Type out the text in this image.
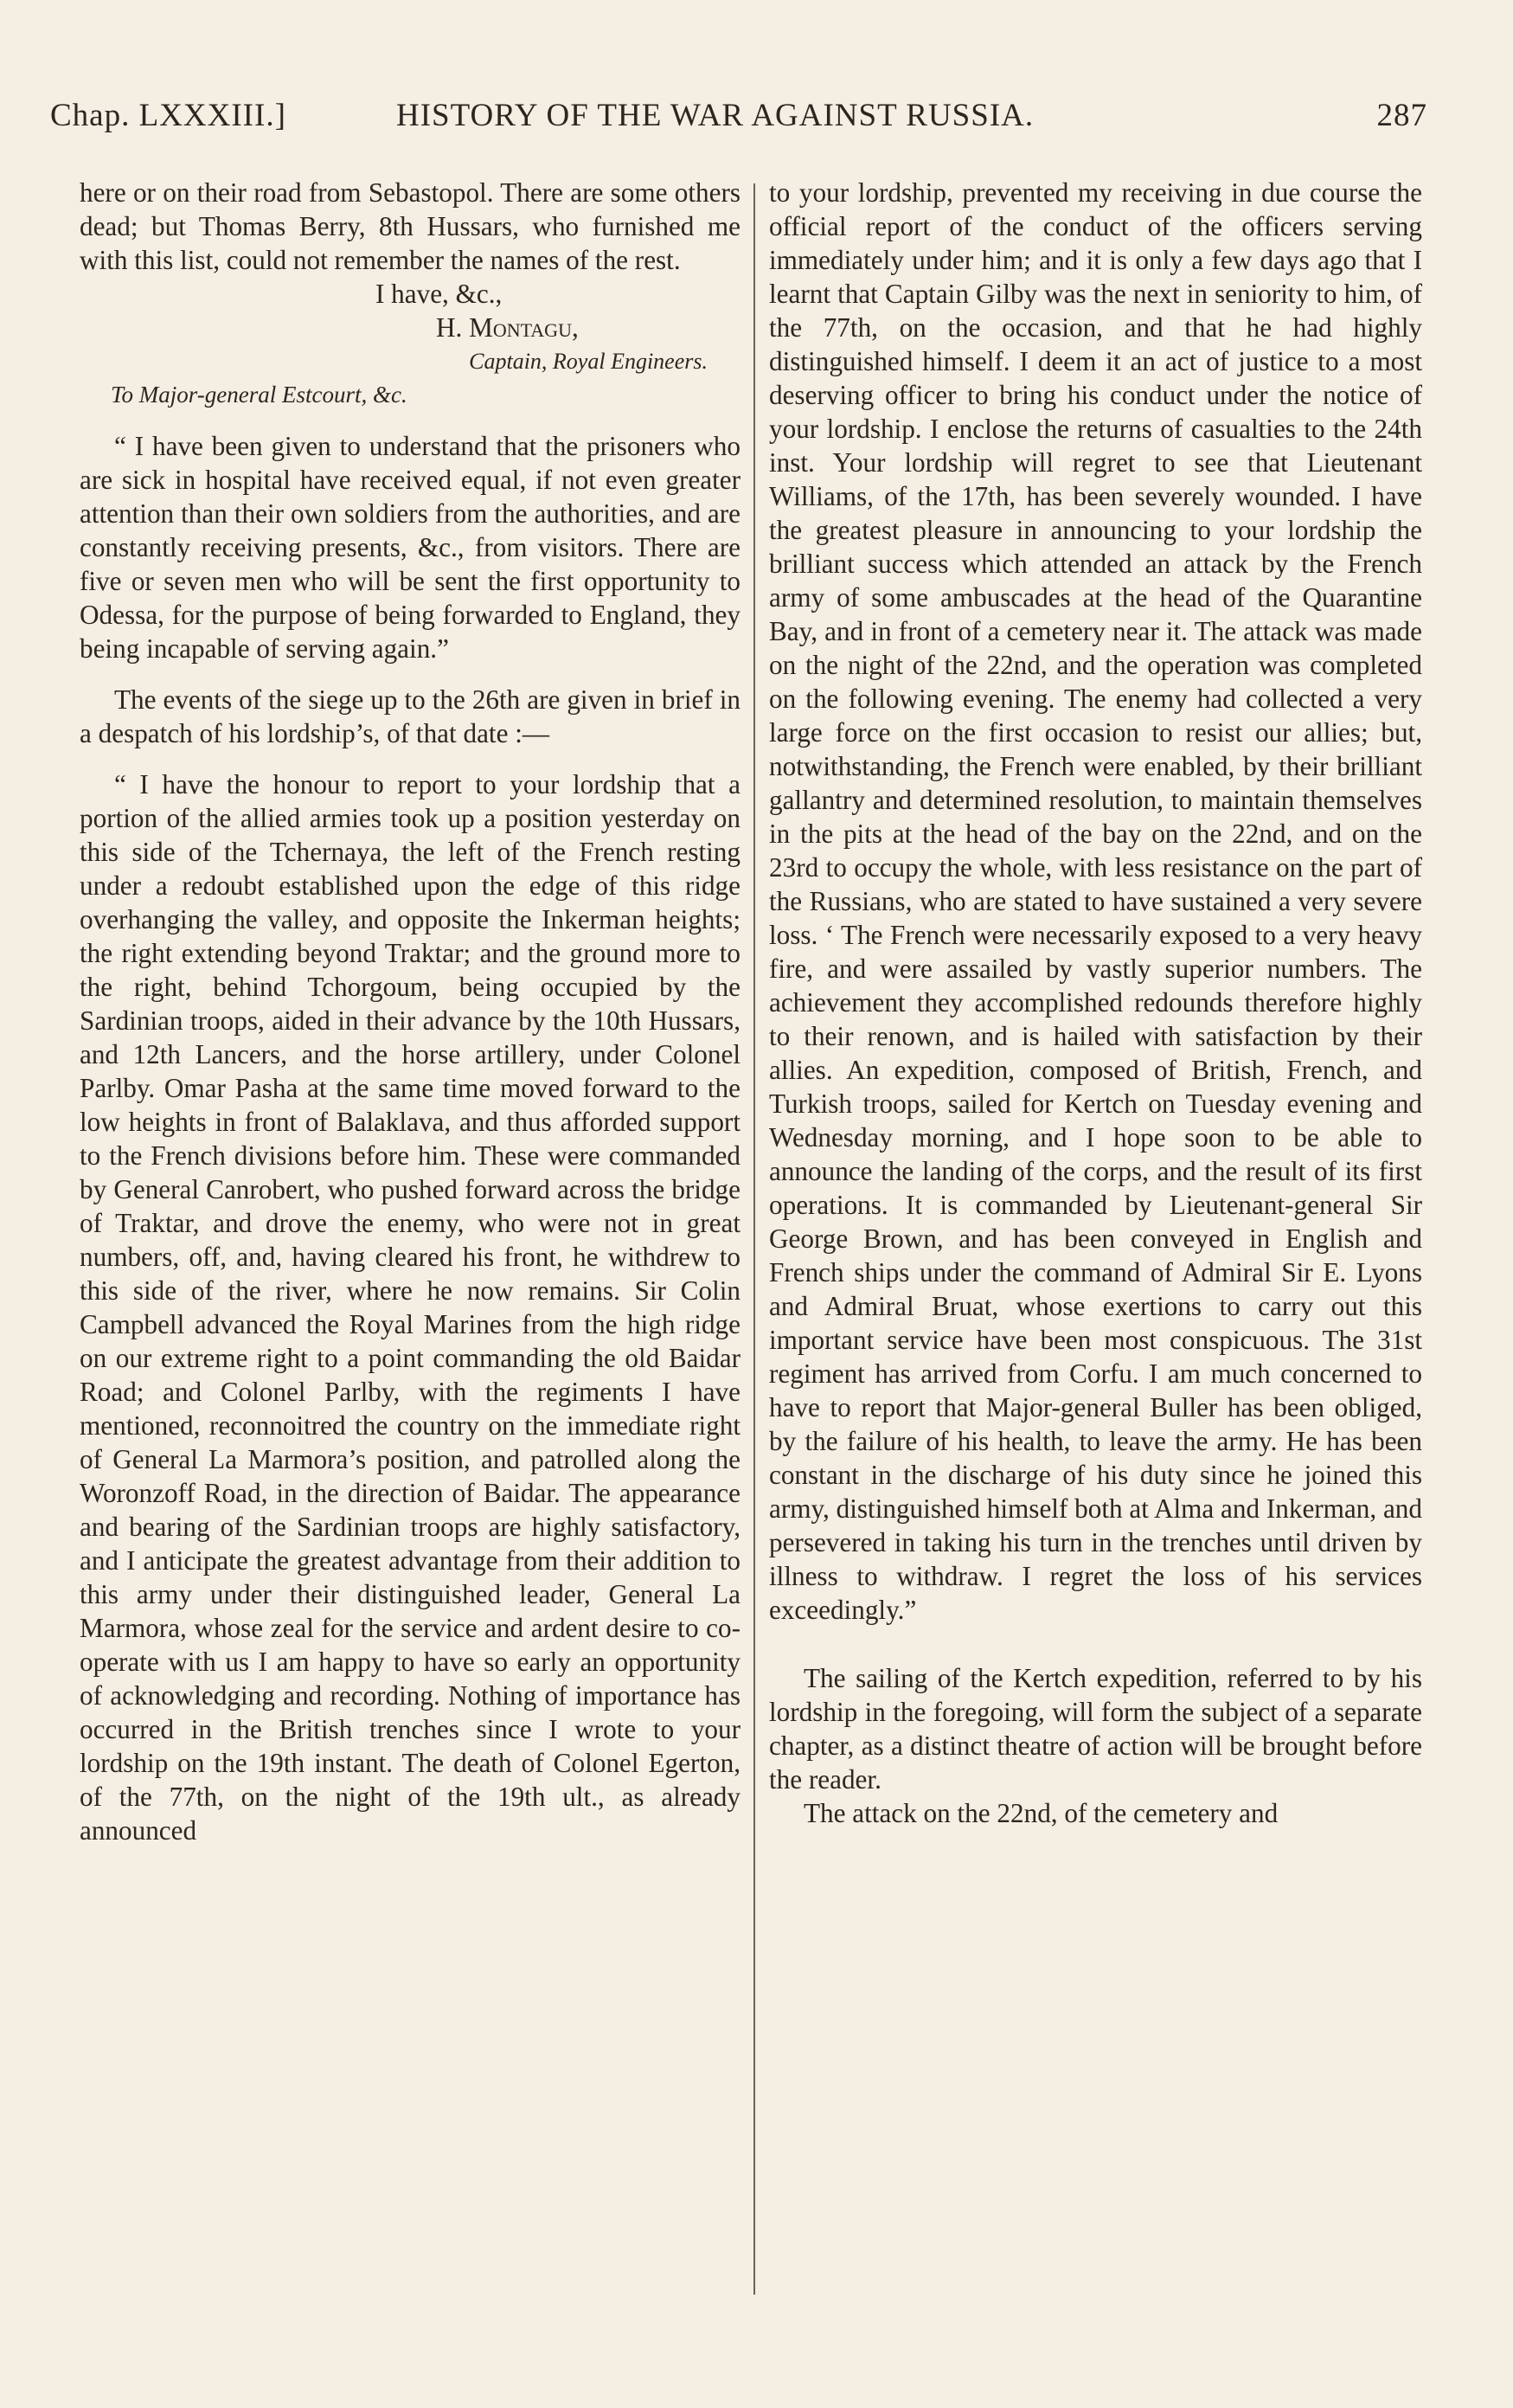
Chap. LXXXIII.]	HISTORY OF THE WAR AGAINST RUSSIA.	287

here or on their road from Sebastopol. There are some others dead; but Thomas Berry, 8th Hussars, who furnished me with this list, could not remember the names of the rest.

I have, &c.,

H. Montagu,

Captain, Royal Engineers.

To Major-general Estcourt, &c.

“ I have been given to understand that the prisoners who are sick in hospital have received equal, if not even greater attention than their own soldiers from the authorities, and are constantly receiving presents, &c., from visitors. There are five or seven men who will be sent the first opportunity to Odessa, for the purpose of being forwarded to England, they being incapable of serving again.”

The events of the siege up to the 26th are given in brief in a despatch of his lordship’s, of that date :—

“ I have the honour to report to your lordship that a portion of the allied armies took up a position yesterday on this side of the Tchernaya, the left of the French resting under a redoubt established upon the edge of this ridge overhanging the valley, and opposite the Inkerman heights; the right extending beyond Traktar; and the ground more to the right, behind Tchorgoum, being occupied by the Sardinian troops, aided in their advance by the 10th Hussars, and 12th Lancers, and the horse artillery, under Colonel Parlby. Omar Pasha at the same time moved forward to the low heights in front of Balaklava, and thus afforded support to the French divisions before him. These were commanded by General Canrobert, who pushed forward across the bridge of Traktar, and drove the enemy, who were not in great numbers, off, and, having cleared his front, he withdrew to this side of the river, where he now remains. Sir Colin Campbell advanced the Royal Marines from the high ridge on our extreme right to a point commanding the old Baidar Road; and Colonel Parlby, with the regiments I have mentioned, reconnoitred the country on the immediate right of General La Marmora’s position, and patrolled along the Woronzoff Road, in the direction of Baidar. The appearance and bearing of the Sardinian troops are highly satisfactory, and I anticipate the greatest advantage from their addition to this army under their distinguished leader, General La Marmora, whose zeal for the service and ardent desire to co-operate with us I am happy to have so early an opportunity of acknowledging and recording. Nothing of importance has occurred in the British trenches since I wrote to your lordship on the 19th instant. The death of Colonel Egerton, of the 77th, on the night of the 19th ult., as already announced

to your lordship, prevented my receiving in due course the official report of the conduct of the officers serving immediately under him; and it is only a few days ago that I learnt that Captain Gilby was the next in seniority to him, of the 77th, on the occasion, and that he had highly distinguished himself. I deem it an act of justice to a most deserving officer to bring his conduct under the notice of your lordship. I enclose the returns of casualties to the 24th inst. Your lordship will regret to see that Lieutenant Williams, of the 17th, has been severely wounded. I have the greatest pleasure in announcing to your lordship the brilliant success which attended an attack by the French army of some ambuscades at the head of the Quarantine Bay, and in front of a cemetery near it. The attack was made on the night of the 22nd, and the operation was completed on the following evening. The enemy had collected a very large force on the first occasion to resist our allies; but, notwithstanding, the French were enabled, by their brilliant gallantry and determined resolution, to maintain themselves in the pits at the head of the bay on the 22nd, and on the 23rd to occupy the whole, with less resistance on the part of the Russians, who are stated to have sustained a very severe loss. ‘ The French were necessarily exposed to a very heavy fire, and were assailed by vastly superior numbers. The achievement they accomplished redounds therefore highly to their renown, and is hailed with satisfaction by their allies. An expedition, composed of British, French, and Turkish troops, sailed for Kertch on Tuesday evening and Wednesday morning, and I hope soon to be able to announce the landing of the corps, and the result of its first operations. It is commanded by Lieutenant-general Sir George Brown, and has been conveyed in English and French ships under the command of Admiral Sir E. Lyons and Admiral Bruat, whose exertions to carry out this important service have been most conspicuous. The 31st regiment has arrived from Corfu. I am much concerned to have to report that Major-general Buller has been obliged, by the failure of his health, to leave the army. He has been constant in the discharge of his duty since he joined this army, distinguished himself both at Alma and Inkerman, and persevered in taking his turn in the trenches until driven by illness to withdraw. I regret the loss of his services exceedingly.”

The sailing of the Kertch expedition, referred to by his lordship in the foregoing, will form the subject of a separate chapter, as a distinct theatre of action will be brought before the reader.

The attack on the 22nd, of the cemetery and
